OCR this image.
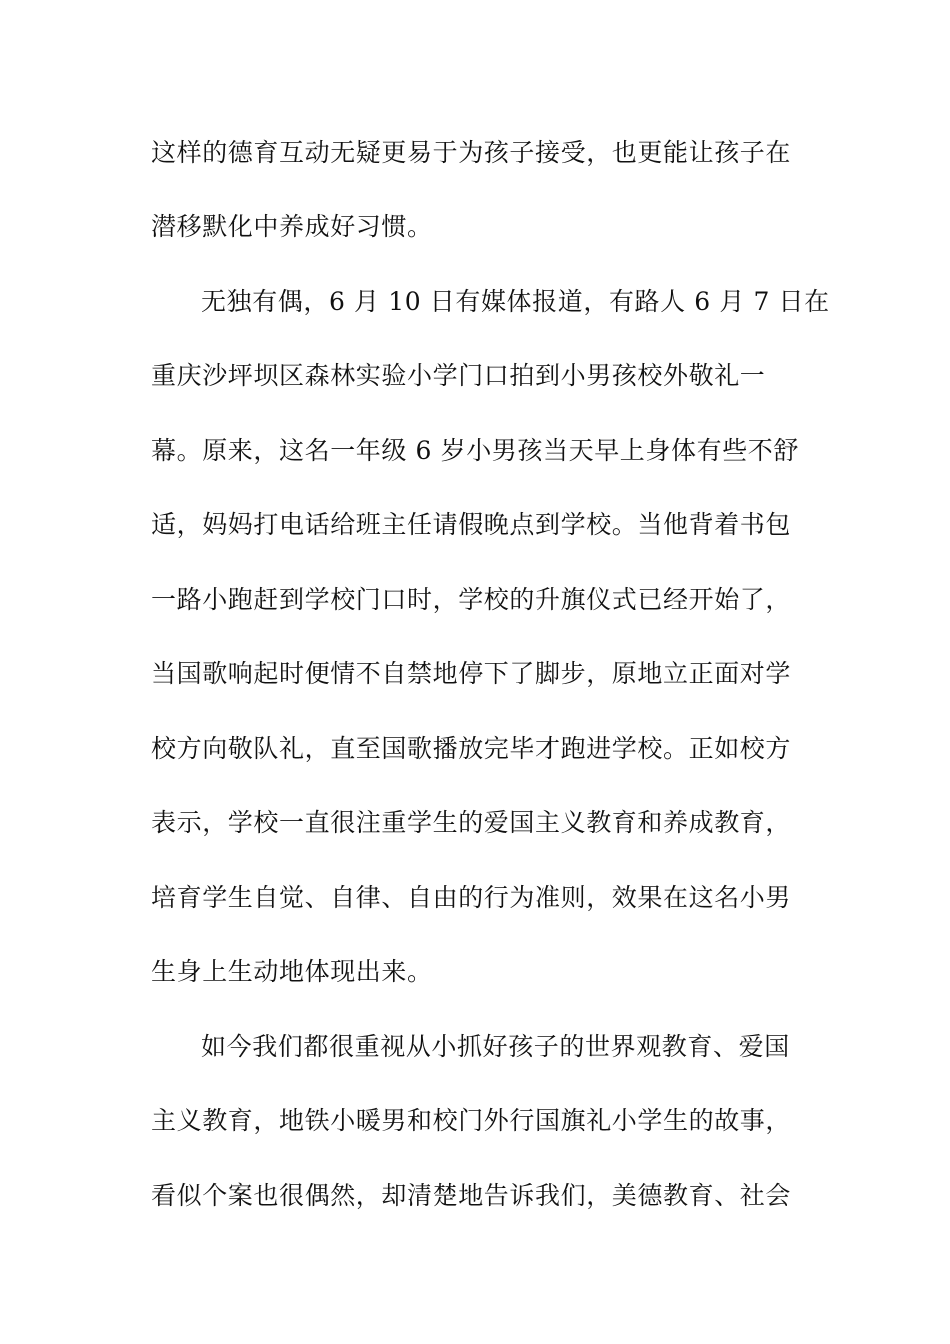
这样的德育互动无疑更易于为孩子接受，也更能让孩子在
潜移默化中养成好习惯。
无独有偶，6 月 10 日有媒体报道，有路人 6 月 7 日在
重庆沙坪坝区森林实验小学门口拍到小男孩校外敬礼一
幕。原来，这名一年级 6 岁小男孩当天早上身体有些不舒
适，妈妈打电话给班主任请假晚点到学校。当他背着书包
一路小跑赶到学校门口时，学校的升旗仪式已经开始了，
当国歌响起时便情不自禁地停下了脚步，原地立正面对学
校方向敬队礼，直至国歌播放完毕才跑进学校。正如校方
表示，学校一直很注重学生的爱国主义教育和养成教育，
培育学生自觉、自律、自由的行为准则，效果在这名小男
生身上生动地体现出来。
如今我们都很重视从小抓好孩子的世界观教育、爱国
主义教育，地铁小暖男和校门外行国旗礼小学生的故事，
看似个案也很偶然，却清楚地告诉我们，美德教育、社会
